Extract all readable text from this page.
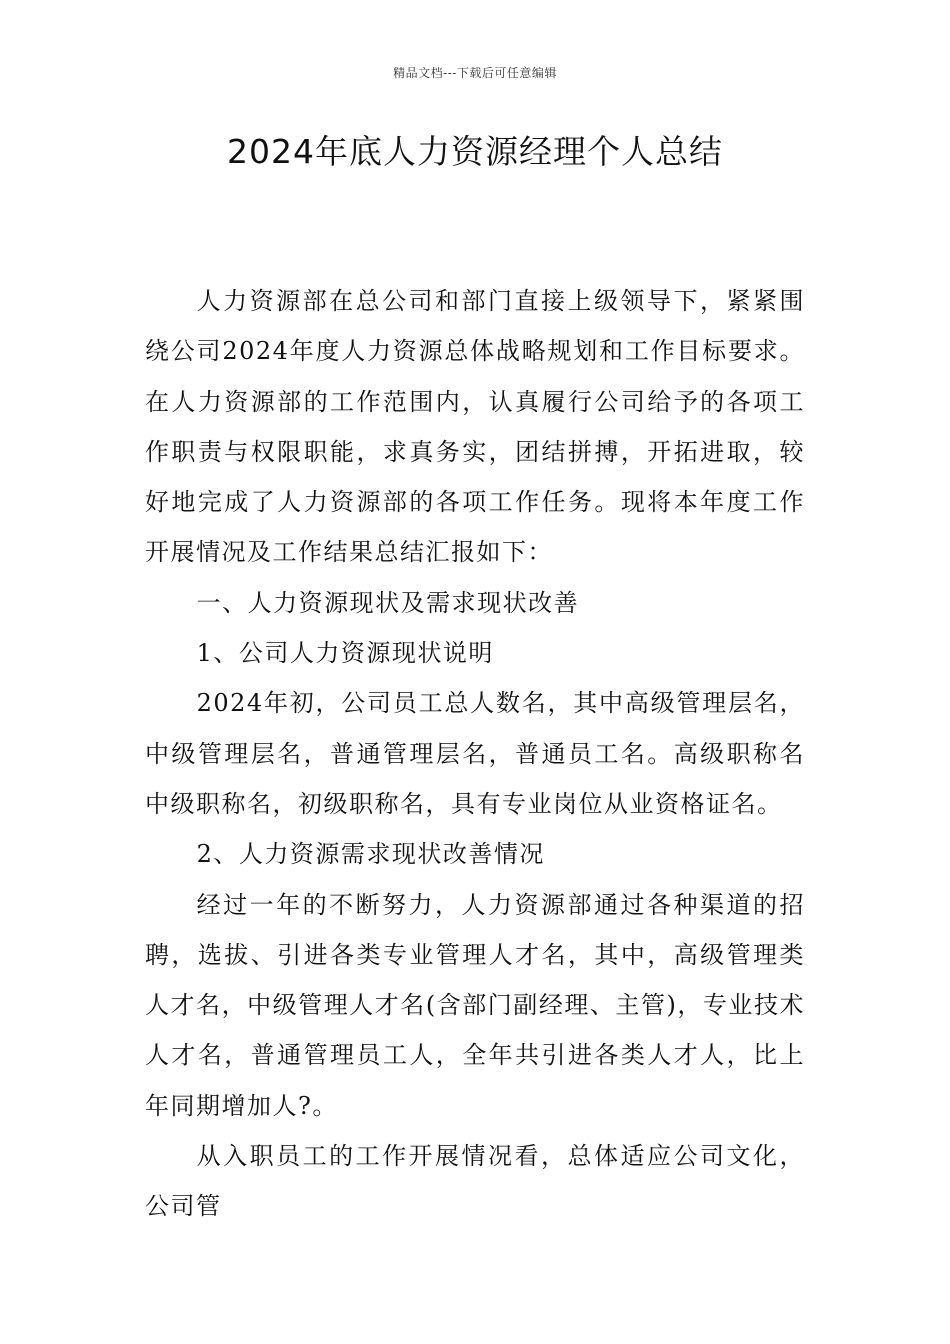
精品文档---下载后可任意编辑
2024年底人力资源经理个人总结

人力资源部在总公司和部门直接上级领导下，紧紧围绕公司2024年度人力资源总体战略规划和工作目标要求。在人力资源部的工作范围内，认真履行公司给予的各项工作职责与权限职能，求真务实，团结拼搏，开拓进取，较好地完成了人力资源部的各项工作任务。现将本年度工作开展情况及工作结果总结汇报如下：

一、人力资源现状及需求现状改善

1、公司人力资源现状说明

2024年初，公司员工总人数名，其中高级管理层名，中级管理层名，普通管理层名，普通员工名。高级职称名中级职称名，初级职称名，具有专业岗位从业资格证名。

2、人力资源需求现状改善情况

经过一年的不断努力，人力资源部通过各种渠道的招聘，选拔、引进各类专业管理人才名，其中，高级管理类人才名，中级管理人才名(含部门副经理、主管)，专业技术人才名，普通管理员工人，全年共引进各类人才人，比上年同期增加人?。

从入职员工的工作开展情况看，总体适应公司文化，公司管
